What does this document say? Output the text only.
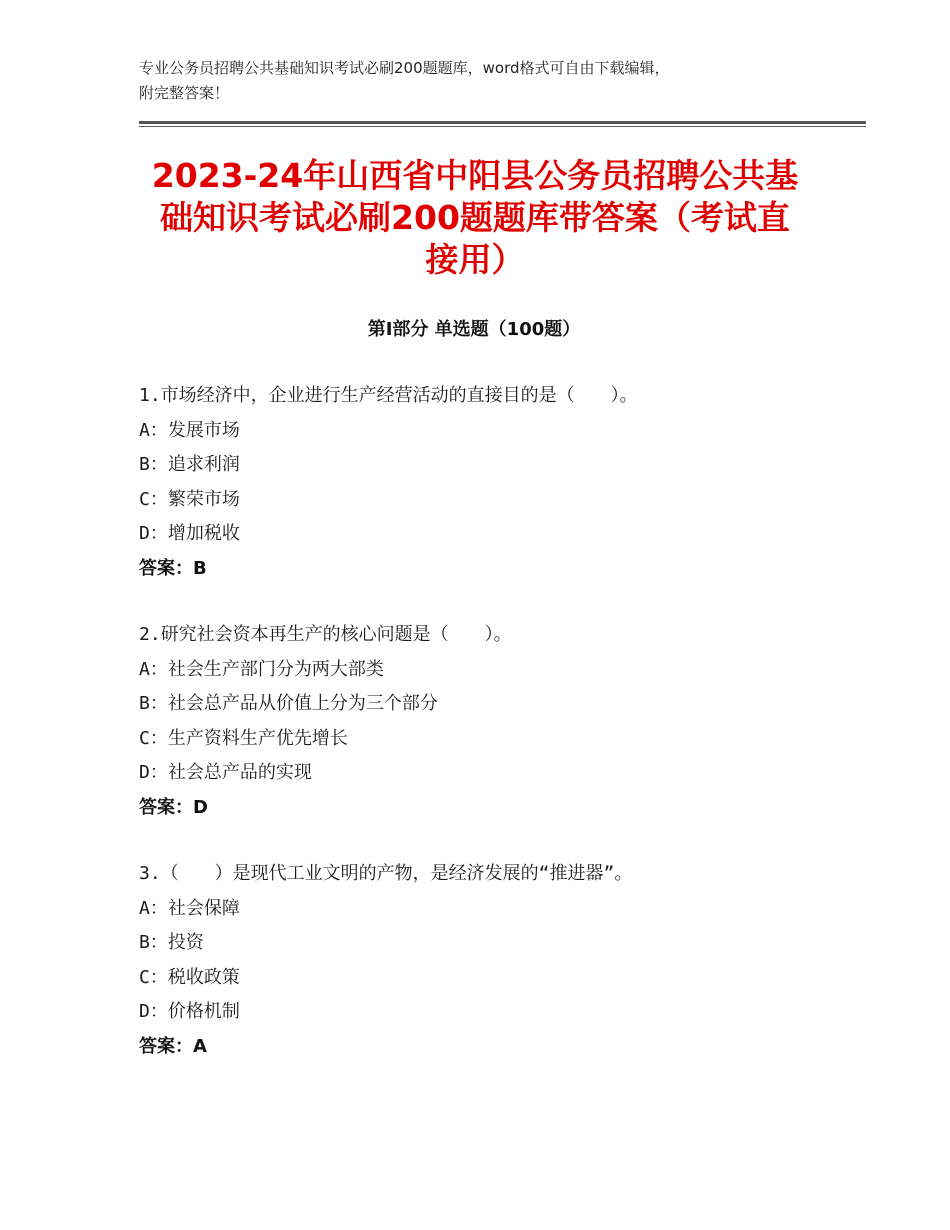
专业公务员招聘公共基础知识考试必刷200题题库，word格式可自由下载编辑，
附完整答案！
2023-24年山西省中阳县公务员招聘公共基
础知识考试必刷200题题库带答案（考试直
接用）
第Ⅰ部分 单选题（100题）
1.市场经济中，企业进行生产经营活动的直接目的是（　　）。
A：发展市场
B：追求利润
C：繁荣市场
D：增加税收
答案：B
2.研究社会资本再生产的核心问题是（　　）。
A：社会生产部门分为两大部类
B：社会总产品从价值上分为三个部分
C：生产资料生产优先增长
D：社会总产品的实现
答案：D
3.（　　）是现代工业文明的产物，是经济发展的“推进器”。
A：社会保障
B：投资
C：税收政策
D：价格机制
答案：A
